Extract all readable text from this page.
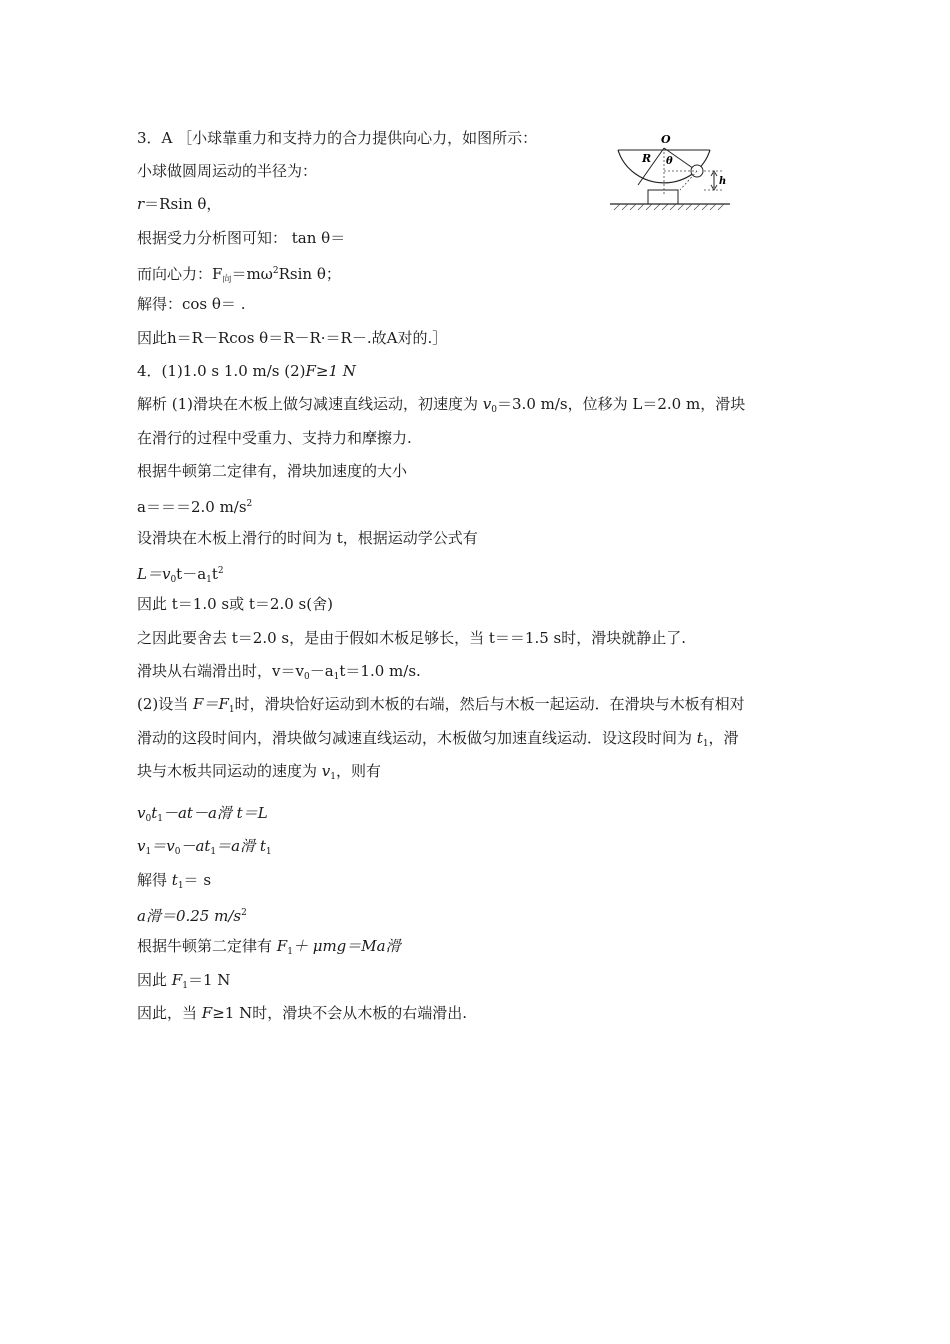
O
R θ
h
3．A ［小球靠重力和支持力的合力提供向心力，如图所示：
小球做圆周运动的半径为：
r＝Rsin θ，
根据受力分析图可知： tan θ＝
而向心力：$F_向=m\omega^2Rsin$ θ；
解得：cos θ＝ .
因此h＝R－Rcos θ＝R－R·＝R－.故A对的.］
4．(1)1.0 s 1.0 m/s (2)F≥1 N
解析 (1)滑块在木板上做匀减速直线运动，初速度为 $v_0=3.0$ m/s，位移为 L＝2.0 m，滑块
在滑行的过程中受重力、支持力和摩擦力.
根据牛顿第二定律有，滑块加速度的大小
a＝＝＝2.0 $m/s^2$
设滑块在木板上滑行的时间为 t，根据运动学公式有
$L=v_0t-a_1t^2$
因此 t＝1.0 s或 t＝2.0 s(舍)
之因此要舍去 t＝2.0 s，是由于假如木板足够长，当 t＝＝1.5 s时，滑块就静止了.
滑块从右端滑出时，$v=v_0-a_1t=1.0$ m/s.
(2)设当 $F=F_1$时，滑块恰好运动到木板的右端，然后与木板一起运动．在滑块与木板有相对
滑动的这段时间内，滑块做匀减速直线运动，木板做匀加速直线运动．设这段时间为 $t_1$，滑
块与木板共同运动的速度为 $v_1$，则有
$v_0t_1-at-a$滑 t＝L
$v_1=v_0-at_1=a$滑 $t_1$
解得 $t_1= s$
a滑＝0.25 $m/s^2$
根据牛顿第二定律有 $F_1+ \mu mg=Ma$滑
因此 $F_1=1$ N
因此，当 F≥1 N时，滑块不会从木板的右端滑出.
